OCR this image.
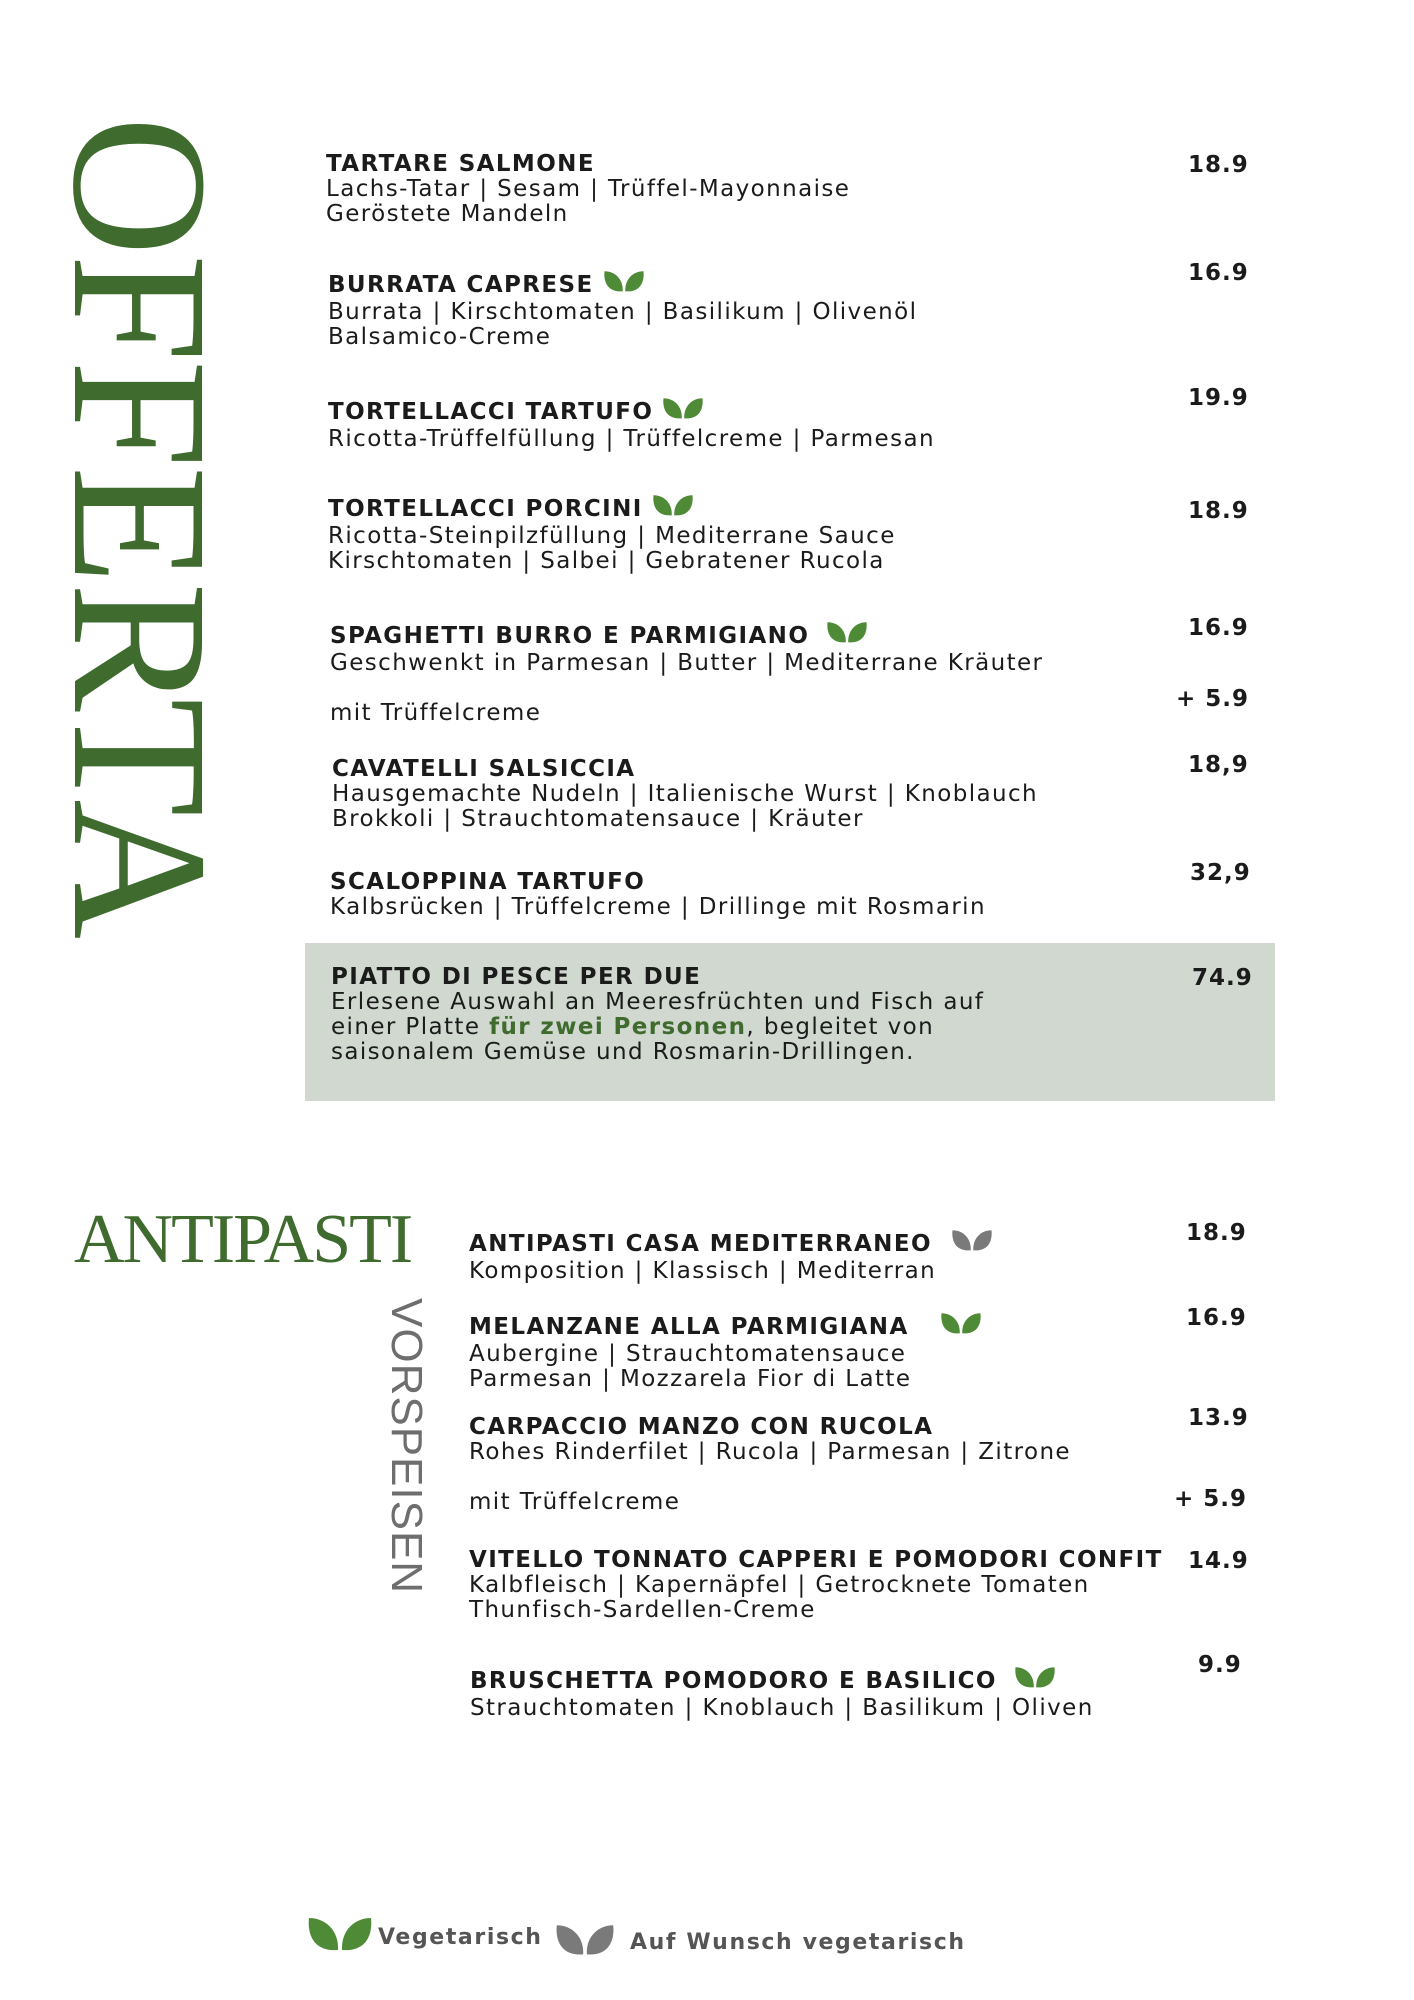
OFFERTA
ANTIPASTI
VORSPEISEN
TARTARE SALMONE
Lachs-Tatar | Sesam | Trüffel-Mayonnaise
Geröstete Mandeln
18.9
BURRATA CAPRESE
Burrata | Kirschtomaten | Basilikum | Olivenöl
Balsamico-Creme
16.9
TORTELLACCI TARTUFO
Ricotta-Trüffelfüllung | Trüffelcreme | Parmesan
19.9
TORTELLACCI PORCINI
Ricotta-Steinpilzfüllung | Mediterrane Sauce
Kirschtomaten | Salbei | Gebratener Rucola
18.9
SPAGHETTI BURRO E PARMIGIANO
Geschwenkt in Parmesan | Butter | Mediterrane Kräuter
mit Trüffelcreme
16.9
+ 5.9
CAVATELLI SALSICCIA
Hausgemachte Nudeln | Italienische Wurst | Knoblauch
Brokkoli | Strauchtomatensauce | Kräuter
18,9
SCALOPPINA TARTUFO
Kalbsrücken | Trüffelcreme | Drillinge mit Rosmarin
32,9
PIATTO DI PESCE PER DUE
Erlesene Auswahl an Meeresfrüchten und Fisch auf
einer Platte für zwei Personen, begleitet von
saisonalem Gemüse und Rosmarin-Drillingen.
74.9
ANTIPASTI CASA MEDITERRANEO
Komposition | Klassisch | Mediterran
18.9
MELANZANE ALLA PARMIGIANA
Aubergine | Strauchtomatensauce
Parmesan | Mozzarela Fior di Latte
16.9
CARPACCIO MANZO CON RUCOLA
Rohes Rinderfilet | Rucola | Parmesan | Zitrone
mit Trüffelcreme
13.9
+ 5.9
VITELLO TONNATO CAPPERI E POMODORI CONFIT
Kalbfleisch | Kapernäpfel | Getrocknete Tomaten
Thunfisch-Sardellen-Creme
14.9
BRUSCHETTA POMODORO E BASILICO
Strauchtomaten | Knoblauch | Basilikum | Oliven
9.9
Vegetarisch	Auf Wunsch vegetarisch
